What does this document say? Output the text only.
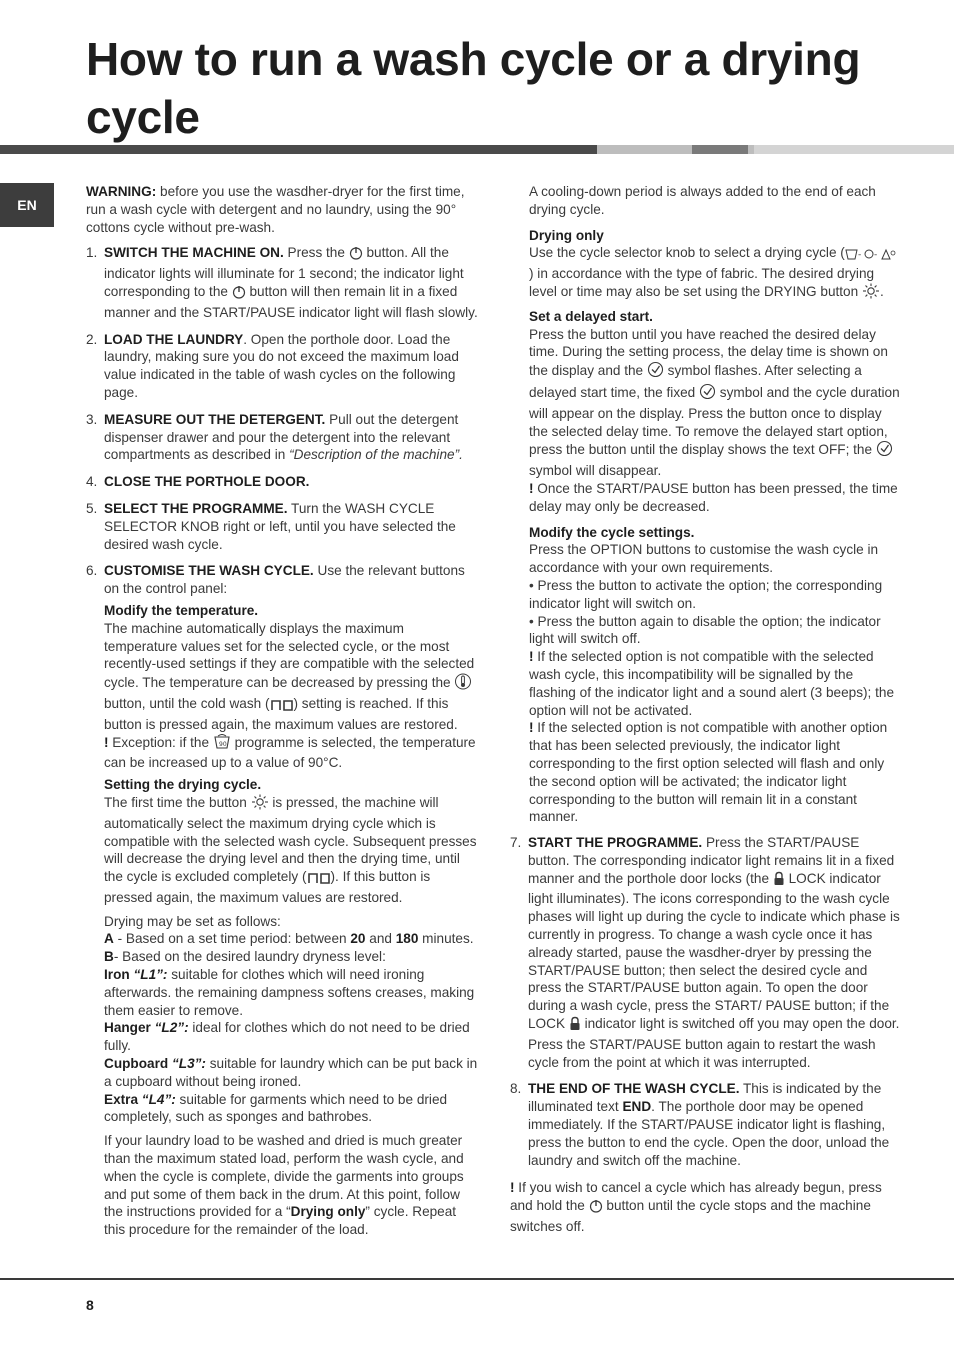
How to run a wash cycle or a drying cycle
EN

WARNING: before you use the wasdher-dryer for the first time, run a wash cycle with detergent and no laundry, using the 90° cottons cycle without pre-wash.

1. SWITCH THE MACHINE ON. Press the  button. All the indicator lights will illuminate for 1 second; the indicator light corresponding to the  button will then remain lit in a fixed manner and the START/PAUSE indicator light will flash slowly.
2. LOAD THE LAUNDRY. Open the porthole door. Load the laundry, making sure you do not exceed the maximum load value indicated in the table of wash cycles on the following page.
3. MEASURE OUT THE DETERGENT. Pull out the detergent dispenser drawer and pour the detergent into the relevant compartments as described in “Description of the machine”.
4. CLOSE THE PORTHOLE DOOR.
5. SELECT THE PROGRAMME. Turn the WASH CYCLE SELECTOR KNOB right or left, until you have selected the desired wash cycle.
6. CUSTOMISE THE WASH CYCLE. Use the relevant buttons on the control panel:
Modify the temperature.
The machine automatically displays the maximum temperature values set for the selected cycle, or the most recently-used settings if they are compatible with the selected cycle. The temperature can be decreased by pressing the  button, until the cold wash ( ) setting is reached. If this button is pressed again, the maximum values are restored.
! Exception: if the 90 programme is selected, the temperature can be increased up to a value of 90°C.
Setting the drying cycle.
The first time the button  is pressed, the machine will automatically select the maximum drying cycle which is compatible with the selected wash cycle. Subsequent presses will decrease the drying level and then the drying time, until the cycle is excluded completely ( ). If this button is pressed again, the maximum values are restored.
Drying may be set as follows:
A - Based on a set time period: between 20 and 180 minutes.
B- Based on the desired laundry dryness level:
Iron “L1”: suitable for clothes which will need ironing afterwards. the remaining dampness softens creases, making them easier to remove.
Hanger “L2”: ideal for clothes which do not need to be dried fully.
Cupboard “L3”: suitable for laundry which can be put back in a cupboard without being ironed.
Extra “L4”: suitable for garments which need to be dried completely, such as sponges and bathrobes.
If your laundry load to be washed and dried is much greater than the maximum stated load, perform the wash cycle, and when the cycle is complete, divide the garments into groups and put some of them back in the drum. At this point, follow the instructions provided for a “Drying only” cycle. Repeat this procedure for the remainder of the load.

A cooling-down period is always added to the end of each drying cycle.

Drying only
Use the cycle selector knob to select a drying cycle ( - -
) in accordance with the type of fabric. The desired drying level or time may also be set using the DRYING button .
Set a delayed start.
Press the button until you have reached the desired delay time. During the setting process, the delay time is shown on the display and the  symbol flashes. After selecting a delayed start time, the fixed  symbol and the cycle duration will appear on the display. Press the button once to display the selected delay time. To remove the delayed start option, press the button until the display shows the text OFF; the  symbol will disappear.
! Once the START/PAUSE button has been pressed, the time delay may only be decreased.
Modify the cycle settings.
Press the OPTION buttons to customise the wash cycle in accordance with your own requirements.
• Press the button to activate the option; the corresponding indicator light will switch on.
• Press the button again to disable the option; the indicator light will switch off.
! If the selected option is not compatible with the selected wash cycle, this incompatibility will be signalled by the flashing of the indicator light and a sound alert (3 beeps); the option will not be activated.
! If the selected option is not compatible with another option that has been selected previously, the indicator light corresponding to the first option selected will flash and only the second option will be activated; the indicator light corresponding to the button will remain lit in a constant manner.
7. START THE PROGRAMME. Press the START/PAUSE button. The corresponding indicator light remains lit in a fixed manner and the porthole door locks (the  LOCK indicator light illuminates). The icons corresponding to the wash cycle phases will light up during the cycle to indicate which phase is currently in progress. To change a wash cycle once it has already started, pause the wasdher-dryer by pressing the START/PAUSE button; then select the desired cycle and press the START/PAUSE button again. To open the door during a wash cycle, press the START/ PAUSE button; if the LOCK  indicator light is switched off you may open the door. Press the START/PAUSE button again to restart the wash cycle from the point at which it was interrupted.
8. THE END OF THE WASH CYCLE. This is indicated by the illuminated text END. The porthole door may be opened immediately. If the START/PAUSE indicator light is flashing, press the button to end the cycle. Open the door, unload the laundry and switch off the machine.

! If you wish to cancel a cycle which has already begun, press and hold the  button until the cycle stops and the machine switches off.

8
